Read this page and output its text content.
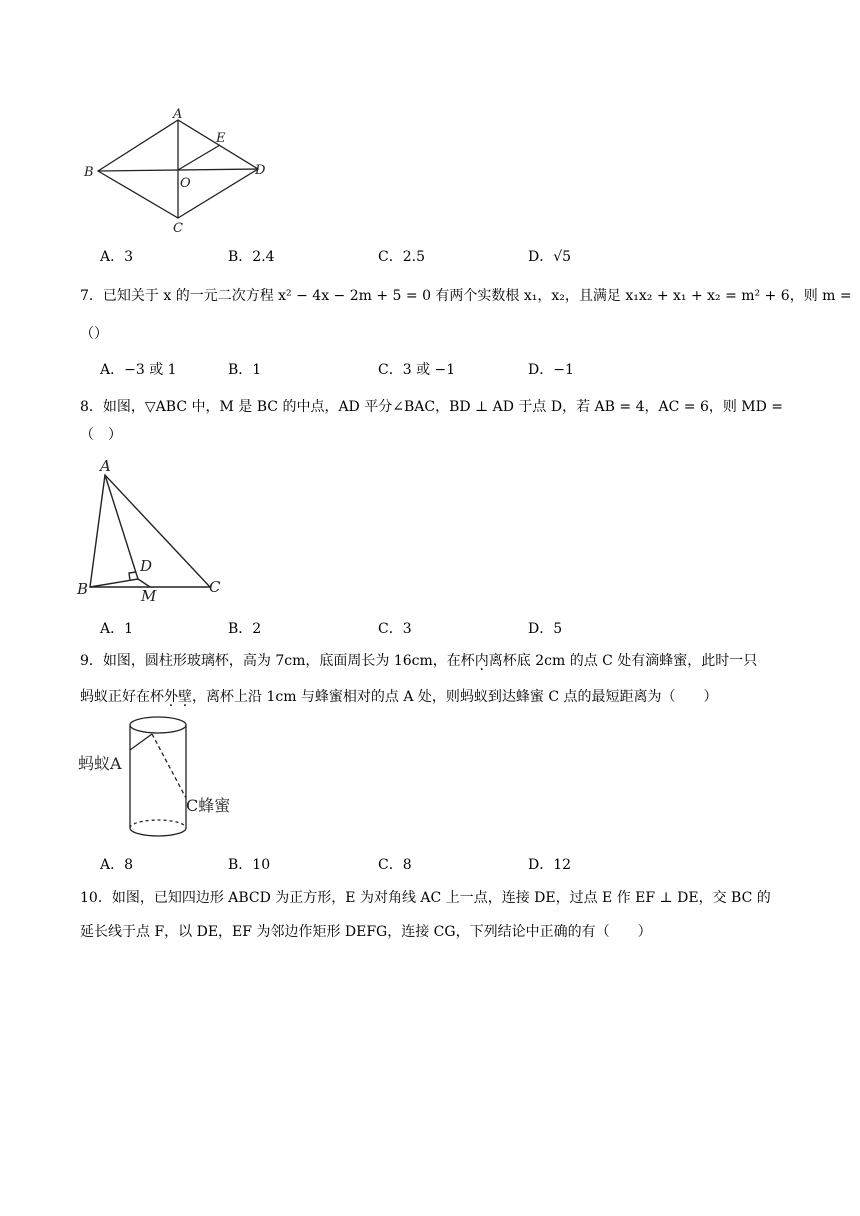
A
B
C
D
E
O
A．3	B．2.4	C．2.5	D．√5
7．已知关于 x 的一元二次方程 x² − 4x − 2m + 5 = 0 有两个实数根 x₁，x₂，且满足 x₁x₂ + x₁ + x₂ = m² + 6，则 m =
（）
A．−3 或 1	B．1	C．3 或 −1	D．−1
8．如图，▽ABC 中，M 是 BC 的中点，AD 平分∠BAC，BD ⊥ AD 于点 D，若 AB = 4，AC = 6，则 MD =
（　）
A
B	C
D
M
A．1	B．2	C．3	D．5
9．如图，圆柱形玻璃杯，高为 7cm，底面周长为 16cm，在杯内离杯底 2cm 的点 C 处有滴蜂蜜，此时一只
蚂蚁正好在杯外壁，离杯上沿 1cm 与蜂蜜相对的点 A 处，则蚂蚁到达蜂蜜 C 点的最短距离为（　　）
蚂蚁A
C蜂蜜
A．8	B．10	C．8	D．12
10．如图，已知四边形 ABCD 为正方形，E 为对角线 AC 上一点，连接 DE，过点 E 作 EF ⊥ DE，交 BC 的
延长线于点 F，以 DE，EF 为邻边作矩形 DEFG，连接 CG，下列结论中正确的有（　　）
